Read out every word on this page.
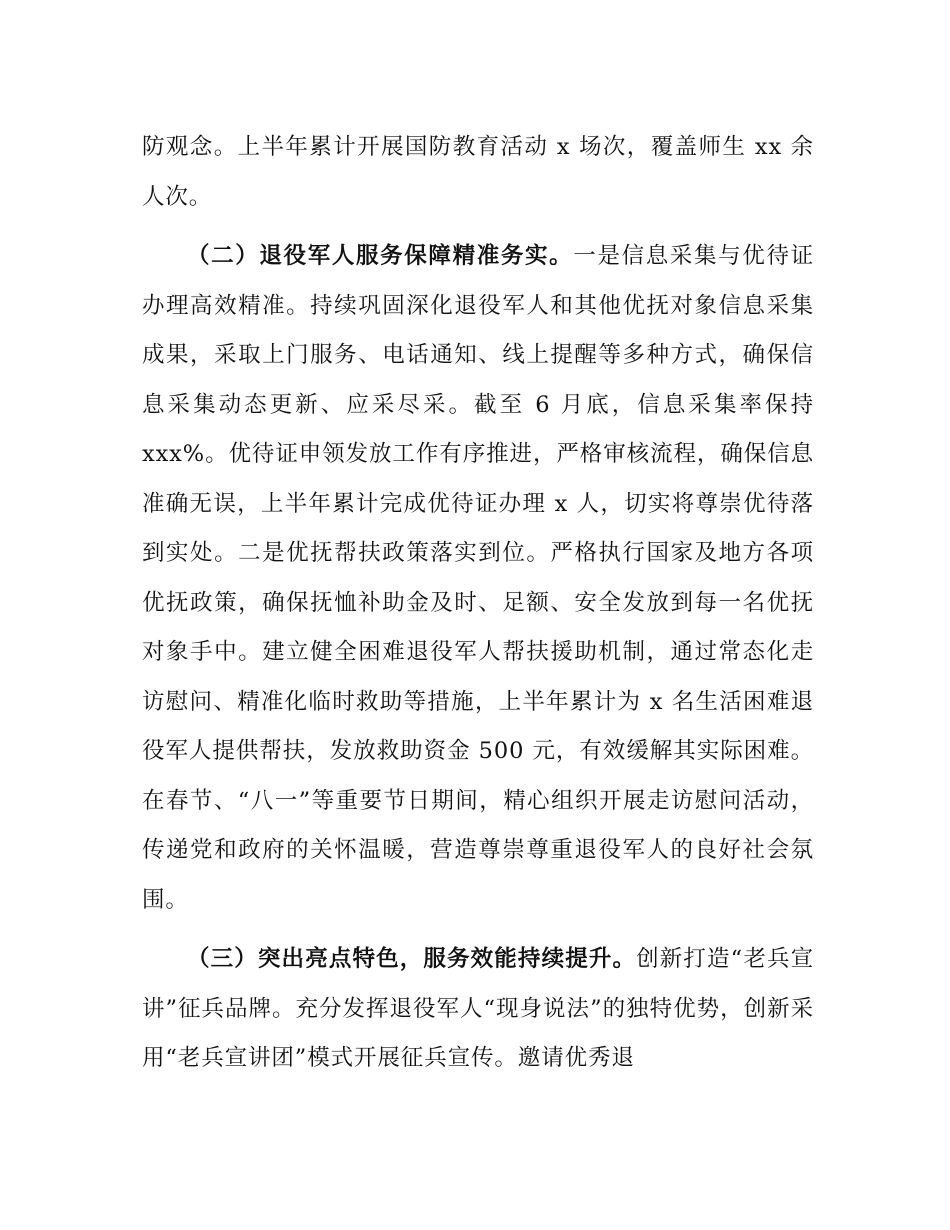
防观念。上半年累计开展国防教育活动 x 场次，覆盖师生 xx 余人次。

（二）退役军人服务保障精准务实。一是信息采集与优待证办理高效精准。持续巩固深化退役军人和其他优抚对象信息采集成果，采取上门服务、电话通知、线上提醒等多种方式，确保信息采集动态更新、应采尽采。截至 6 月底，信息采集率保持 xxx%。优待证申领发放工作有序推进，严格审核流程，确保信息准确无误，上半年累计完成优待证办理 x 人，切实将尊崇优待落到实处。二是优抚帮扶政策落实到位。严格执行国家及地方各项优抚政策，确保抚恤补助金及时、足额、安全发放到每一名优抚对象手中。建立健全困难退役军人帮扶援助机制，通过常态化走访慰问、精准化临时救助等措施，上半年累计为 x 名生活困难退役军人提供帮扶，发放救助资金 500 元，有效缓解其实际困难。在春节、“八一”等重要节日期间，精心组织开展走访慰问活动，传递党和政府的关怀温暖，营造尊崇尊重退役军人的良好社会氛围。

（三）突出亮点特色，服务效能持续提升。创新打造“老兵宣讲”征兵品牌。充分发挥退役军人“现身说法”的独特优势，创新采用“老兵宣讲团”模式开展征兵宣传。邀请优秀退
